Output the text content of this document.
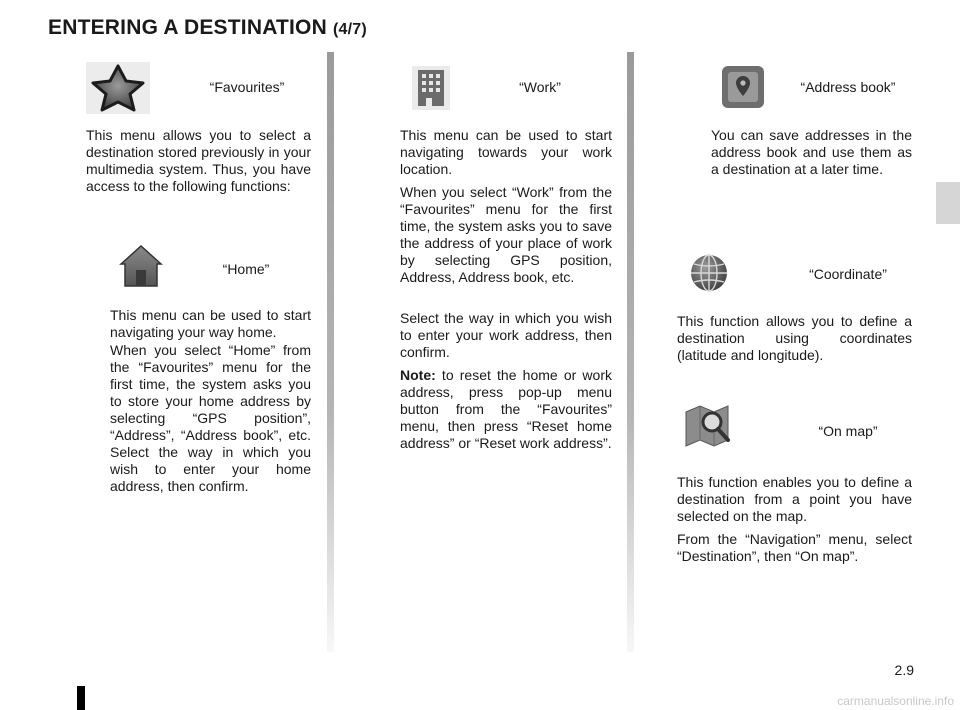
ENTERING A DESTINATION (4/7)
“Favourites”

This menu allows you to select a destination stored previously in your multimedia system. Thus, you have access to the following functions:

“Home”

This menu can be used to start navigating your way home.

When you select “Home” from the “Favourites” menu for the first time, the system asks you to store your home address by selecting “GPS position”, “Address”, “Address book”, etc. Select the way in which you wish to enter your home address, then confirm.

“Work”

This menu can be used to start navigating towards your work location.

When you select “Work” from the “Favourites” menu for the first time, the system asks you to save the address of your place of work by selecting GPS position, Address, Address book, etc.

Select the way in which you wish to enter your work address, then confirm.

Note: to reset the home or work address, press pop-up menu button from the “Favourites” menu, then press “Reset home address” or “Reset work address”.

“Address book”

You can save addresses in the address book and use them as a destination at a later time.

“Coordinate”

This function allows you to define a destination using coordinates (latitude and longitude).

“On map”

This function enables you to define a destination from a point you have selected on the map.

From the “Navigation” menu, select “Destination”, then “On map”.

2.9
carmanualsonline.info
